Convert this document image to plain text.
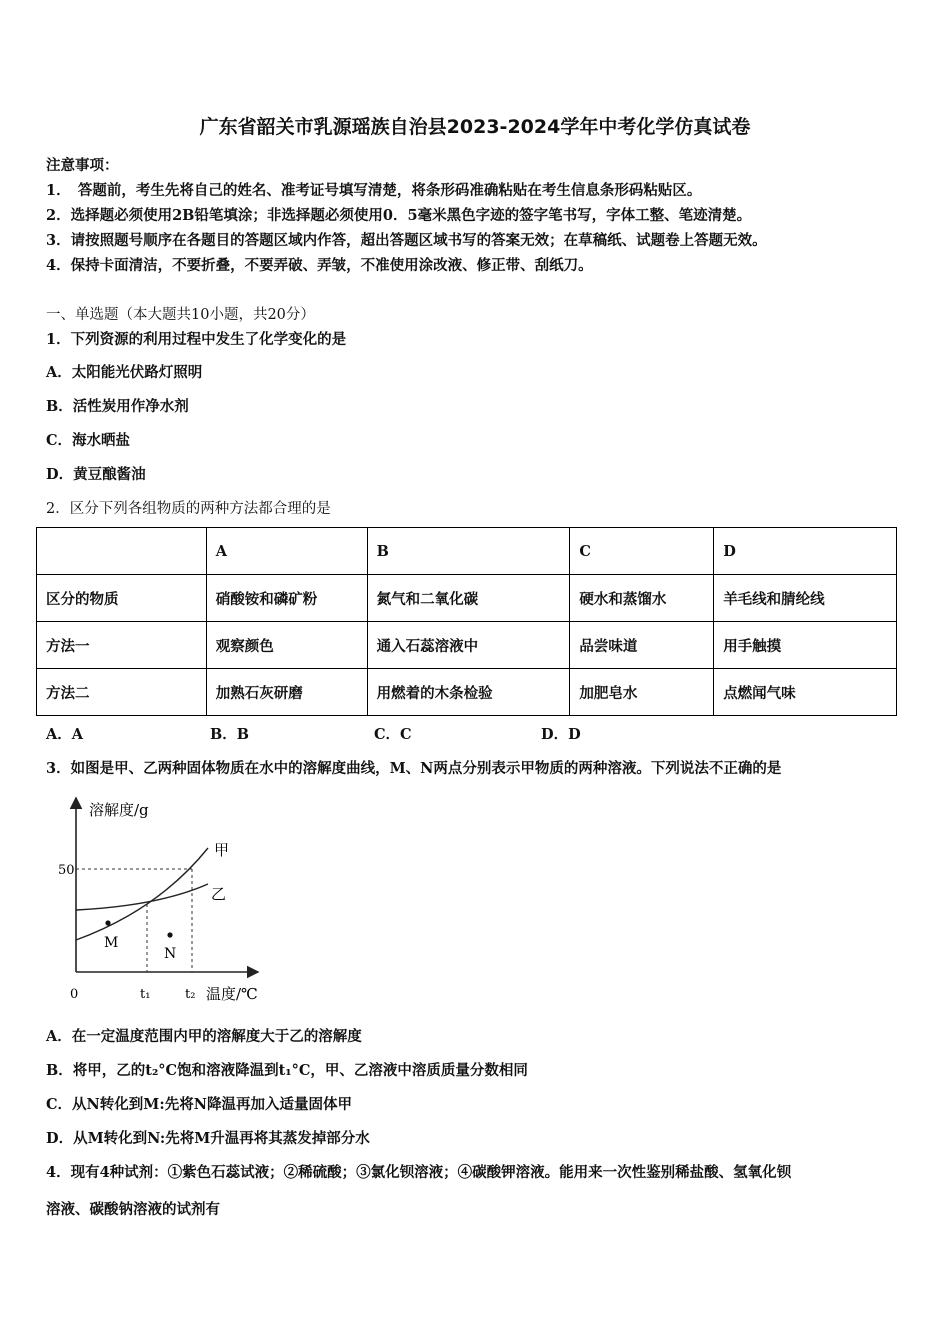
广东省韶关市乳源瑶族自治县2023-2024学年中考化学仿真试卷
注意事项：
1．　答题前，考生先将自己的姓名、准考证号填写清楚，将条形码准确粘贴在考生信息条形码粘贴区。
2．选择题必须使用2B铅笔填涂；非选择题必须使用0．5毫米黑色字迹的签字笔书写，字体工整、笔迹清楚。
3．请按照题号顺序在各题目的答题区域内作答，超出答题区域书写的答案无效；在草稿纸、试题卷上答题无效。
4．保持卡面清洁，不要折叠，不要弄破、弄皱，不准使用涂改液、修正带、刮纸刀。
一、单选题（本大题共10小题，共20分）
1．下列资源的利用过程中发生了化学变化的是
A．太阳能光伏路灯照明
B．活性炭用作净水剂
C．海水晒盐
D．黄豆酿酱油
2．区分下列各组物质的两种方法都合理的是
	A	B	C	D
区分的物质	硝酸铵和磷矿粉	氮气和二氧化碳	硬水和蒸馏水	羊毛线和腈纶线
方法一	观察颜色	通入石蕊溶液中	品尝味道	用手触摸
方法二	加熟石灰研磨	用燃着的木条检验	加肥皂水	点燃闻气味
A．A	B．B	C．C	D．D
3．如图是甲、乙两种固体物质在水中的溶解度曲线，M、N两点分别表示甲物质的两种溶液。下列说法不正确的是
溶解度/g
温度/℃
0
50
t₁	t₂
甲
乙
M
N
A．在一定温度范围内甲的溶解度大于乙的溶解度
B．将甲，乙的t₂°C饱和溶液降温到t₁°C，甲、乙溶液中溶质质量分数相同
C．从N转化到M:先将N降温再加入适量固体甲
D．从M转化到N:先将M升温再将其蒸发掉部分水
4．现有4种试剂：①紫色石蕊试液；②稀硫酸；③氯化钡溶液；④碳酸钾溶液。能用来一次性鉴别稀盐酸、氢氧化钡
溶液、碳酸钠溶液的试剂有
